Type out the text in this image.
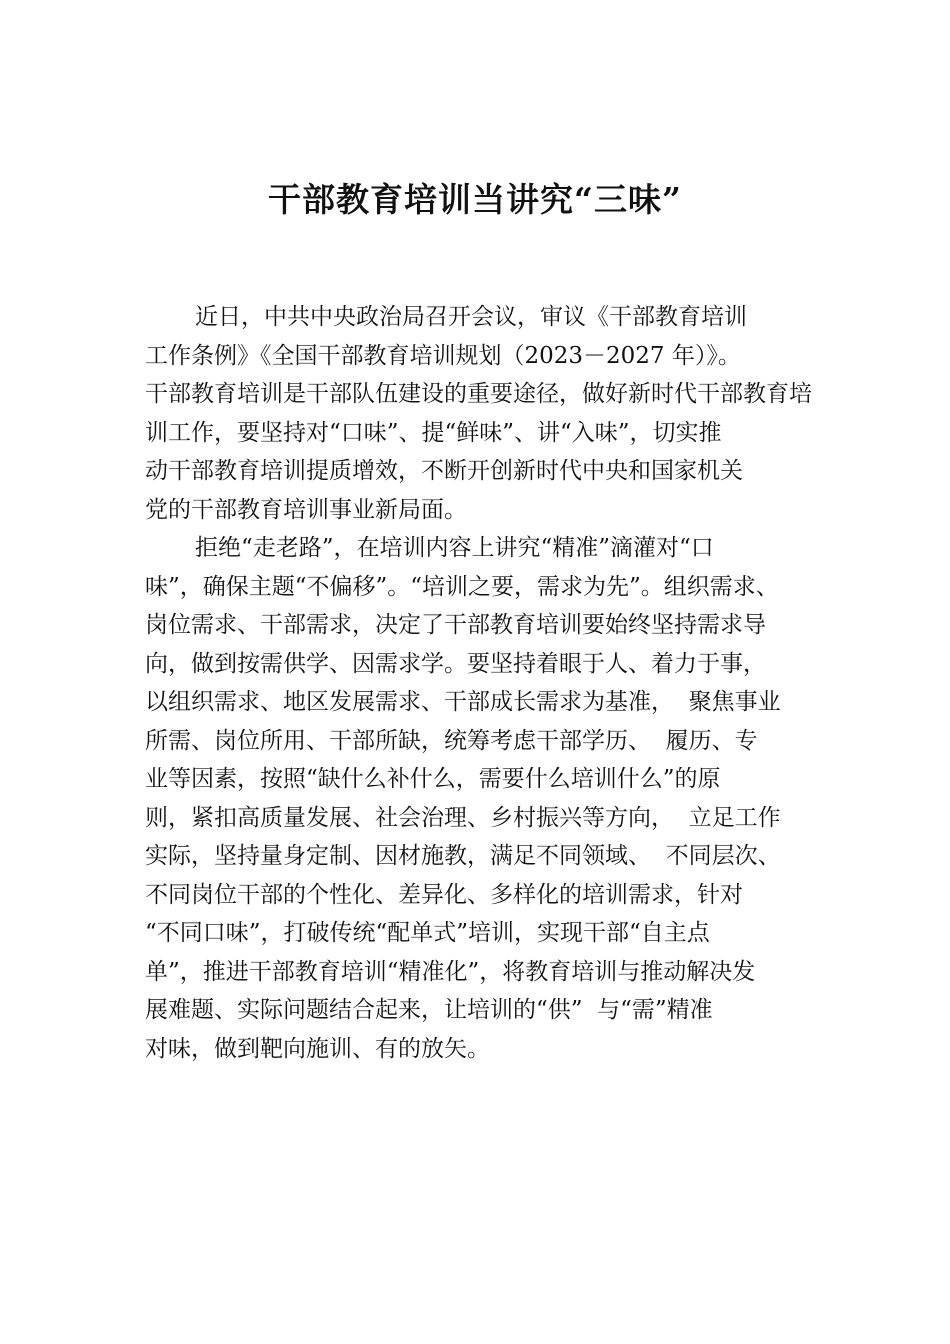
干部教育培训当讲究“三味”
近日，中共中央政治局召开会议，审议《干部教育培训
工作条例》《全国干部教育培训规划（2023－2027 年）》。
干部教育培训是干部队伍建设的重要途径，做好新时代干部教育培
训工作，要坚持对“口味”、提“鲜味”、讲“入味”，切实推
动干部教育培训提质增效，不断开创新时代中央和国家机关
党的干部教育培训事业新局面。
拒绝“走老路”，在培训内容上讲究“精准”滴灌对“口
味”，确保主题“不偏移”。“培训之要，需求为先”。组织需求、
岗位需求、干部需求，决定了干部教育培训要始终坚持需求导
向，做到按需供学、因需求学。要坚持着眼于人、着力于事，
以组织需求、地区发展需求、干部成长需求为基准，  聚焦事业
所需、岗位所用、干部所缺，统筹考虑干部学历、  履历、专
业等因素，按照“缺什么补什么，需要什么培训什么”的原
则，紧扣高质量发展、社会治理、乡村振兴等方向，  立足工作
实际，坚持量身定制、因材施教，满足不同领域、  不同层次、
不同岗位干部的个性化、差异化、多样化的培训需求，针对
“不同口味”，打破传统“配单式”培训，实现干部“自主点
单”，推进干部教育培训“精准化”，将教育培训与推动解决发
展难题、实际问题结合起来，让培训的“供”  与“需”精准
对味，做到靶向施训、有的放矢。
